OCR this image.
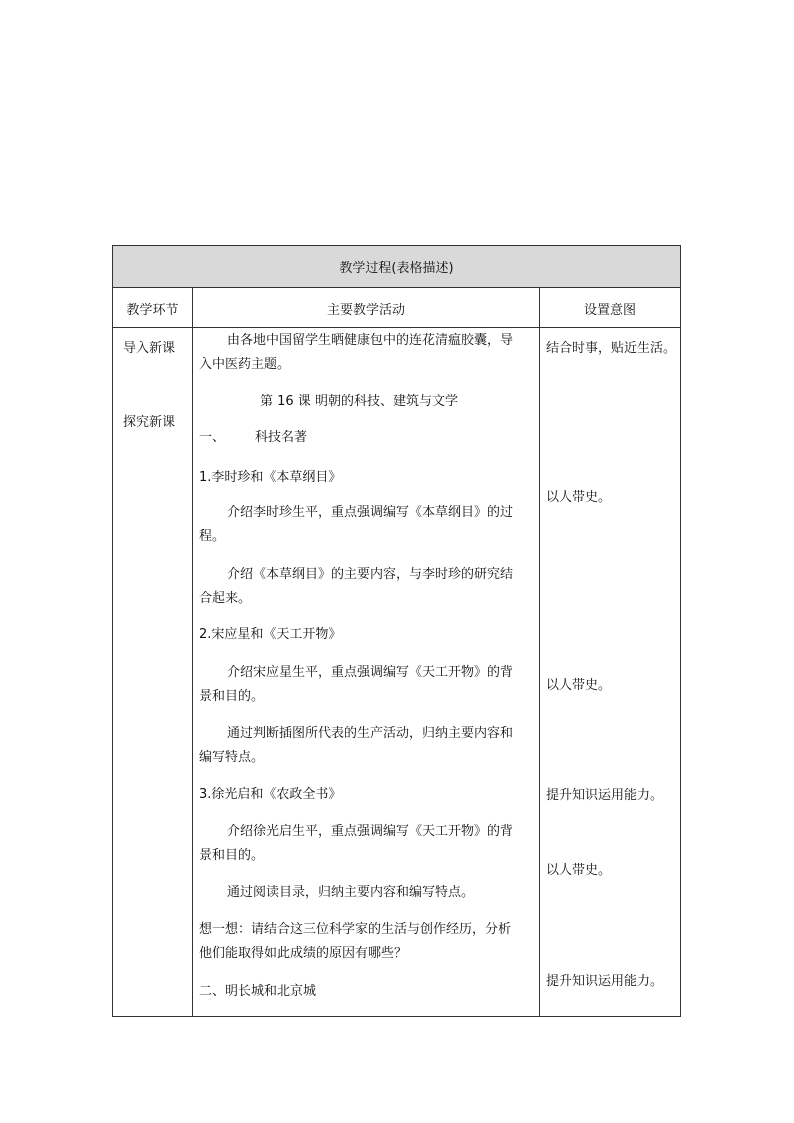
教学过程(表格描述)
教学环节	主要教学活动	设置意图
导入新课
探究新课
由各地中国留学生晒健康包中的连花清瘟胶囊，导
入中医药主题。
第 16 课 明朝的科技、建筑与文学
一、 科技名著
1.李时珍和《本草纲目》
介绍李时珍生平，重点强调编写《本草纲目》的过
程。
介绍《本草纲目》的主要内容，与李时珍的研究结
合起来。
2.宋应星和《天工开物》
介绍宋应星生平，重点强调编写《天工开物》的背
景和目的。
通过判断插图所代表的生产活动，归纳主要内容和
编写特点。
3.徐光启和《农政全书》
介绍徐光启生平，重点强调编写《天工开物》的背
景和目的。
通过阅读目录，归纳主要内容和编写特点。
想一想：请结合这三位科学家的生活与创作经历，分析
他们能取得如此成绩的原因有哪些？
二、明长城和北京城
结合时事，贴近生活。
以人带史。
以人带史。
提升知识运用能力。
以人带史。
提升知识运用能力。
